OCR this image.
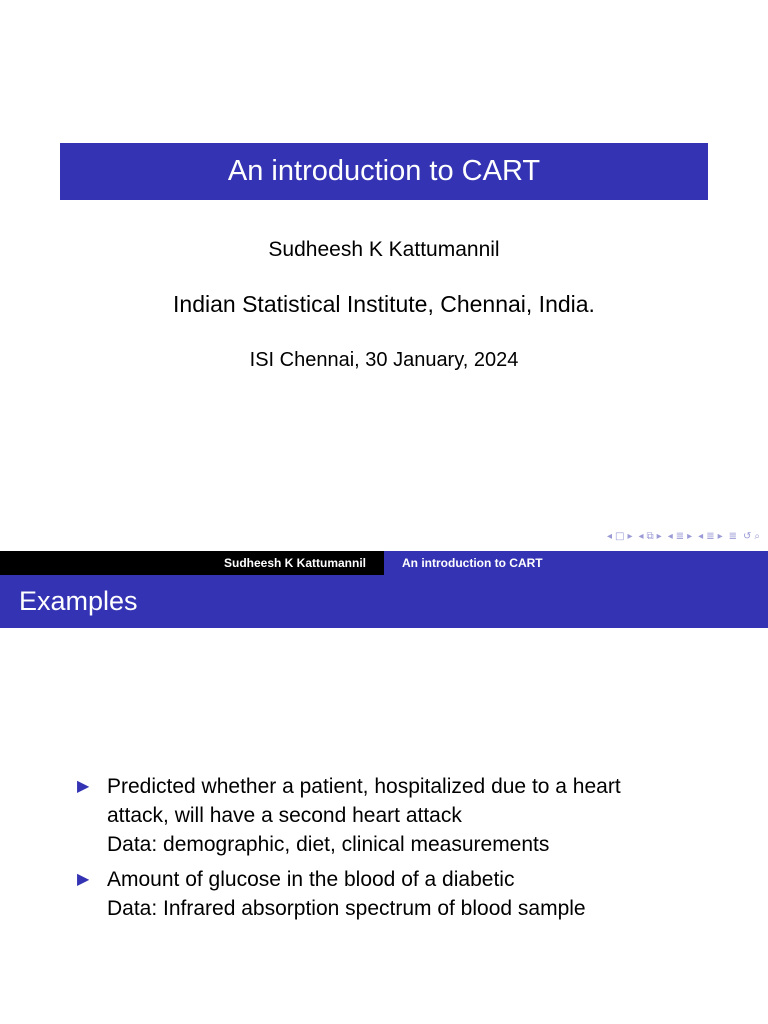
An introduction to CART
Sudheesh K Kattumannil
Indian Statistical Institute, Chennai, India.
ISI Chennai, 30 January, 2024
◂ □ ▸ ◂ ⧉ ▸ ◂ ≣ ▸ ◂ ≣ ▸ ≣ ↺ ⌕
Sudheesh K Kattumannil	An introduction to CART
Examples
▶ Predicted whether a patient, hospitalized due to a heart
attack, will have a second heart attack
Data: demographic, diet, clinical measurements
▶ Amount of glucose in the blood of a diabetic
Data: Infrared absorption spectrum of blood sample
